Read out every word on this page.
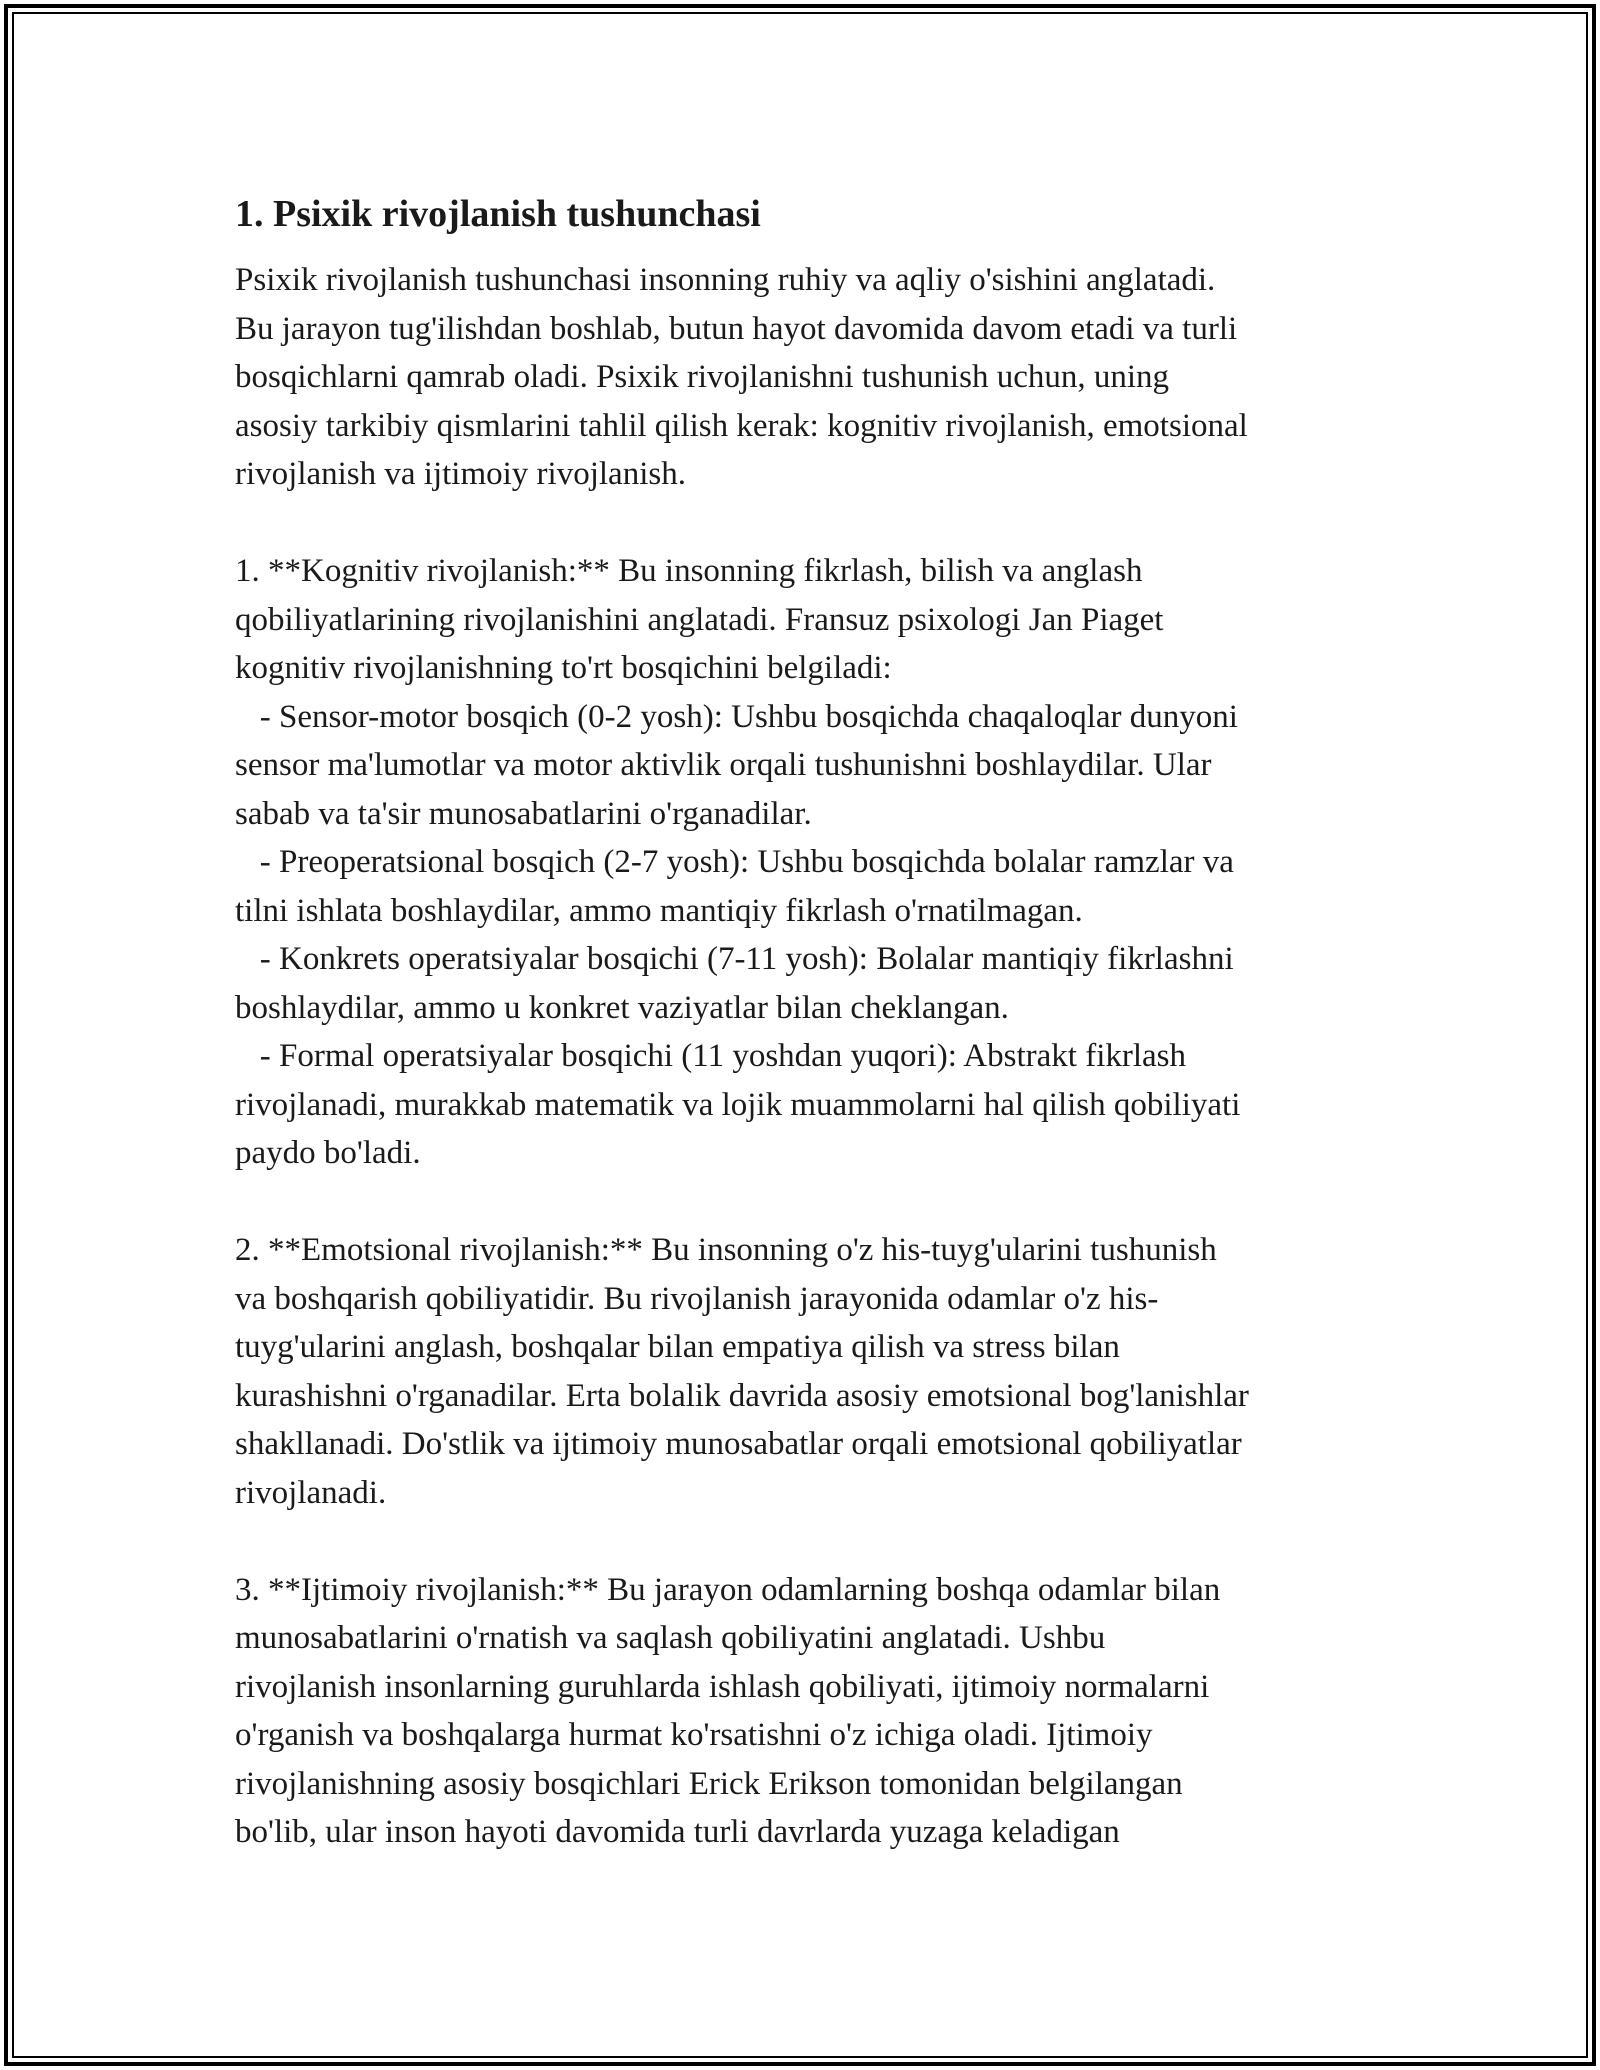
1. Psixik rivojlanish tushunchasi
Psixik rivojlanish tushunchasi insonning ruhiy va aqliy o'sishini anglatadi.
Bu jarayon tug'ilishdan boshlab, butun hayot davomida davom etadi va turli
bosqichlarni qamrab oladi. Psixik rivojlanishni tushunish uchun, uning
asosiy tarkibiy qismlarini tahlil qilish kerak: kognitiv rivojlanish, emotsional
rivojlanish va ijtimoiy rivojlanish.
1. **Kognitiv rivojlanish:** Bu insonning fikrlash, bilish va anglash
qobiliyatlarining rivojlanishini anglatadi. Fransuz psixologi Jan Piaget
kognitiv rivojlanishning to'rt bosqichini belgiladi:
- Sensor-motor bosqich (0-2 yosh): Ushbu bosqichda chaqaloqlar dunyoni
sensor ma'lumotlar va motor aktivlik orqali tushunishni boshlaydilar. Ular
sabab va ta'sir munosabatlarini o'rganadilar.
- Preoperatsional bosqich (2-7 yosh): Ushbu bosqichda bolalar ramzlar va
tilni ishlata boshlaydilar, ammo mantiqiy fikrlash o'rnatilmagan.
- Konkrets operatsiyalar bosqichi (7-11 yosh): Bolalar mantiqiy fikrlashni
boshlaydilar, ammo u konkret vaziyatlar bilan cheklangan.
- Formal operatsiyalar bosqichi (11 yoshdan yuqori): Abstrakt fikrlash
rivojlanadi, murakkab matematik va lojik muammolarni hal qilish qobiliyati
paydo bo'ladi.
2. **Emotsional rivojlanish:** Bu insonning o'z his-tuyg'ularini tushunish
va boshqarish qobiliyatidir. Bu rivojlanish jarayonida odamlar o'z his-
tuyg'ularini anglash, boshqalar bilan empatiya qilish va stress bilan
kurashishni o'rganadilar. Erta bolalik davrida asosiy emotsional bog'lanishlar
shakllanadi. Do'stlik va ijtimoiy munosabatlar orqali emotsional qobiliyatlar
rivojlanadi.
3. **Ijtimoiy rivojlanish:** Bu jarayon odamlarning boshqa odamlar bilan
munosabatlarini o'rnatish va saqlash qobiliyatini anglatadi. Ushbu
rivojlanish insonlarning guruhlarda ishlash qobiliyati, ijtimoiy normalarni
o'rganish va boshqalarga hurmat ko'rsatishni o'z ichiga oladi. Ijtimoiy
rivojlanishning asosiy bosqichlari Erick Erikson tomonidan belgilangan
bo'lib, ular inson hayoti davomida turli davrlarda yuzaga keladigan
